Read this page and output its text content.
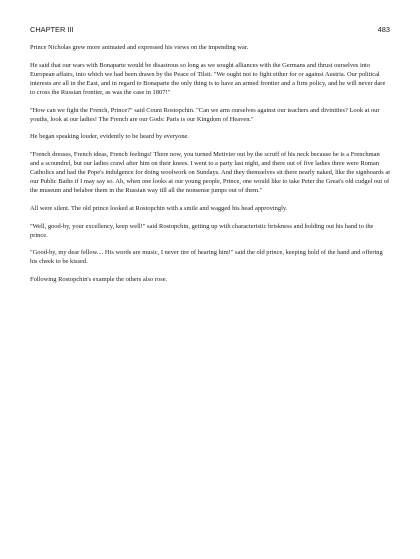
CHAPTER III	483

Prince Nicholas grew more animated and expressed his views on the impending war.

He said that our wars with Bonaparte would be disastrous so long as we sought alliances with the Germans and thrust ourselves into European affairs, into which we had been drawn by the Peace of Tilsit. "We ought not to fight either for or against Austria. Our political interests are all in the East, and in regard to Bonaparte the only thing is to have an armed frontier and a firm policy, and he will never dare to cross the Russian frontier, as was the case in 1807!"

"How can we fight the French, Prince?" said Count Rostopchin. "Can we arm ourselves against our teachers and divinities? Look at our youths, look at our ladies! The French are our Gods: Paris is our Kingdom of Heaven."

He began speaking louder, evidently to be heard by everyone.

"French dresses, French ideas, French feelings! There now, you turned Metivier out by the scruff of his neck because he is a Frenchman and a scoundrel, but our ladies crawl after him on their knees. I went to a party last night, and there out of five ladies three were Roman Catholics and had the Pope's indulgence for doing woolwork on Sundays. And they themselves sit there nearly naked, like the signboards at our Public Baths if I may say so. Ah, when one looks at our young people, Prince, one would like to take Peter the Great's old cudgel out of the museum and belabor them in the Russian way till all the nonsense jumps out of them."

All were silent. The old prince looked at Rostopchin with a smile and wagged his head approvingly.

"Well, good-by, your excellency, keep well!" said Rostopchin, getting up with characteristic briskness and holding out his hand to the prince.

"Good-by, my dear fellow.... His words are music, I never tire of hearing him!" said the old prince, keeping hold of the hand and offering his cheek to be kissed.

Following Rostopchin's example the others also rose.
